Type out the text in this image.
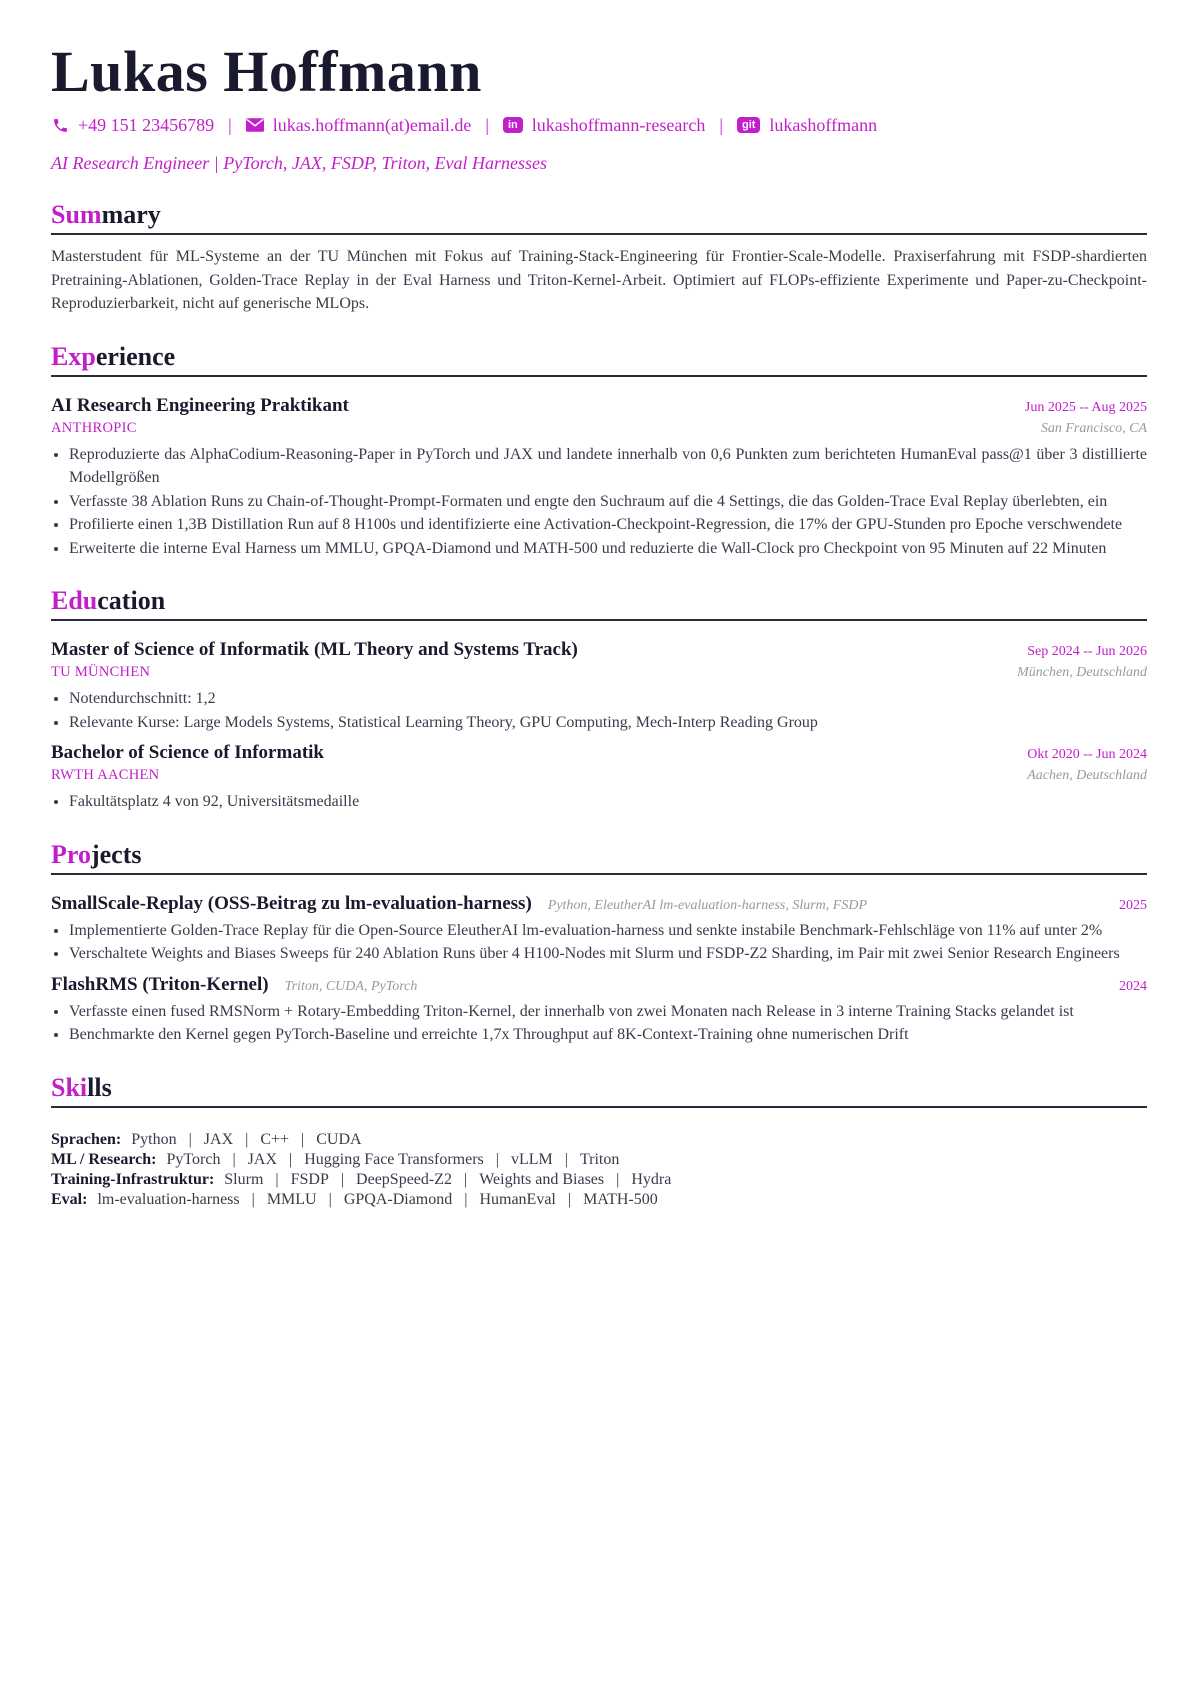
Lukas Hoffmann
+49 151 23456789 | lukas.hoffmann(at)email.de |	in lukashoffmann-research |	git lukashoffmann
AI Research Engineer | PyTorch, JAX, FSDP, Triton, Eval Harnesses
Summary
Masterstudent für ML-Systeme an der TU München mit Fokus auf Training-Stack-Engineering für Frontier-Scale-Modelle. Praxiserfahrung mit FSDP-shardierten Pretraining-Ablationen, Golden-Trace Replay in der Eval Harness und Triton-Kernel-Arbeit. Optimiert auf FLOPs-effiziente Experimente und Paper-zu-Checkpoint-Reproduzierbarkeit, nicht auf generische MLOps.
Experience
AI Research Engineering Praktikant	Jun 2025 -- Aug 2025
ANTHROPIC	San Francisco, CA
• Reproduzierte das AlphaCodium-Reasoning-Paper in PyTorch und JAX und landete innerhalb von 0,6 Punkten zum berichteten HumanEval pass@1 über 3 distillierte Modellgrößen
• Verfasste 38 Ablation Runs zu Chain-of-Thought-Prompt-Formaten und engte den Suchraum auf die 4 Settings, die das Golden-Trace Eval Replay überlebten, ein
• Profilierte einen 1,3B Distillation Run auf 8 H100s und identifizierte eine Activation-Checkpoint-Regression, die 17% der GPU-Stunden pro Epoche verschwendete
• Erweiterte die interne Eval Harness um MMLU, GPQA-Diamond und MATH-500 und reduzierte die Wall-Clock pro Checkpoint von 95 Minuten auf 22 Minuten
Education
Master of Science of Informatik (ML Theory and Systems Track)	Sep 2024 -- Jun 2026
TU MÜNCHEN	München, Deutschland
• Notendurchschnitt: 1,2
• Relevante Kurse: Large Models Systems, Statistical Learning Theory, GPU Computing, Mech-Interp Reading Group
Bachelor of Science of Informatik	Okt 2020 -- Jun 2024
RWTH AACHEN	Aachen, Deutschland
• Fakultätsplatz 4 von 92, Universitätsmedaille
Projects
SmallScale-Replay (OSS-Beitrag zu lm-evaluation-harness) Python, EleutherAI lm-evaluation-harness, Slurm, FSDP	2025
• Implementierte Golden-Trace Replay für die Open-Source EleutherAI lm-evaluation-harness und senkte instabile Benchmark-Fehlschläge von 11% auf unter 2%
• Verschaltete Weights and Biases Sweeps für 240 Ablation Runs über 4 H100-Nodes mit Slurm und FSDP-Z2 Sharding, im Pair mit zwei Senior Research Engineers
FlashRMS (Triton-Kernel) Triton, CUDA, PyTorch	2024
• Verfasste einen fused RMSNorm + Rotary-Embedding Triton-Kernel, der innerhalb von zwei Monaten nach Release in 3 interne Training Stacks gelandet ist
• Benchmarkte den Kernel gegen PyTorch-Baseline und erreichte 1,7x Throughput auf 8K-Context-Training ohne numerischen Drift
Skills
Sprachen: Python | JAX | C++ | CUDA
ML / Research: PyTorch | JAX | Hugging Face Transformers | vLLM | Triton
Training-Infrastruktur: Slurm | FSDP | DeepSpeed-Z2 | Weights and Biases | Hydra
Eval: lm-evaluation-harness | MMLU | GPQA-Diamond | HumanEval | MATH-500
